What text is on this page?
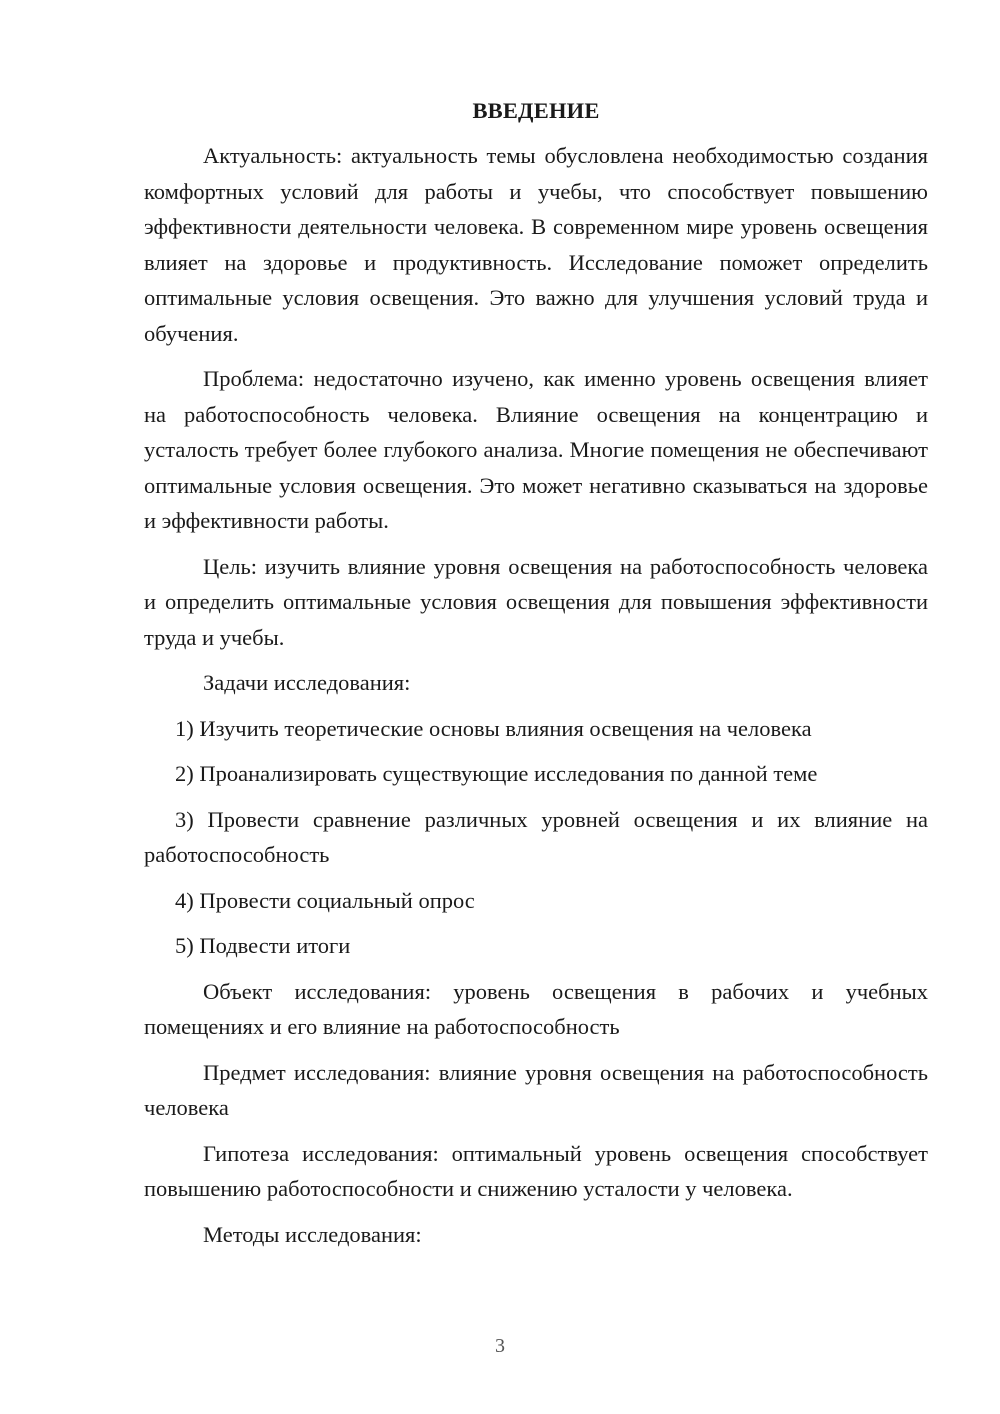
ВВЕДЕНИЕ

Актуальность: актуальность темы обусловлена необходимостью создания комфортных условий для работы и учебы, что способствует повышению эффективности деятельности человека. В современном мире уровень освещения влияет на здоровье и продуктивность. Исследование поможет определить оптимальные условия освещения. Это важно для улучшения условий труда и обучения.

Проблема: недостаточно изучено, как именно уровень освещения влияет на работоспособность человека. Влияние освещения на концентрацию и усталость требует более глубокого анализа. Многие помещения не обеспечивают оптимальные условия освещения. Это может негативно сказываться на здоровье и эффективности работы.

Цель: изучить влияние уровня освещения на работоспособность человека и определить оптимальные условия освещения для повышения эффективности труда и учебы.

Задачи исследования:

1) Изучить теоретические основы влияния освещения на человека

2) Проанализировать существующие исследования по данной теме

3) Провести сравнение различных уровней освещения и их влияние на работоспособность

4) Провести социальный опрос

5) Подвести итоги

Объект исследования: уровень освещения в рабочих и учебных помещениях и его влияние на работоспособность

Предмет исследования: влияние уровня освещения на работоспособность человека

Гипотеза исследования: оптимальный уровень освещения способствует повышению работоспособности и снижению усталости у человека.

Методы исследования:

3
